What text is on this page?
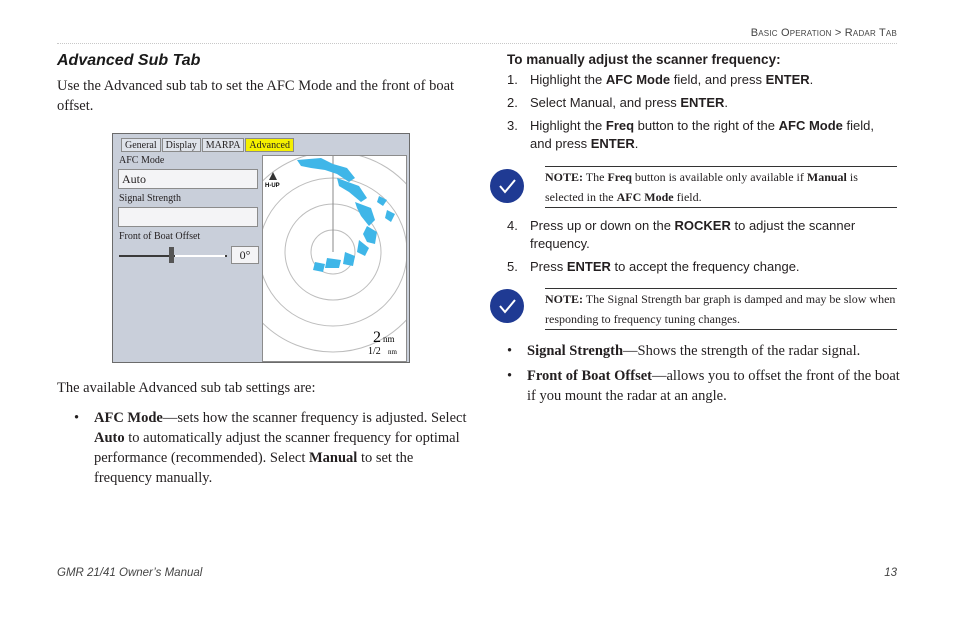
Basic Operation > Radar Tab
Advanced Sub Tab

Use the Advanced sub tab to set the AFC Mode and the front of boat offset.

General Display MARPA Advanced
AFC Mode
Auto
Signal Strength
Front of Boat Offset
0°
H-UP
2 nm
1/2 nm

The available Advanced sub tab settings are:

• AFC Mode—sets how the scanner frequency is adjusted. Select Auto to automatically adjust the scanner frequency for optimal performance (recommended). Select Manual to set the frequency manually.
To manually adjust the scanner frequency:
1. Highlight the AFC Mode field, and press ENTER.
2. Select Manual, and press ENTER.
3. Highlight the Freq button to the right of the AFC Mode field, and press ENTER.
NOTE: The Freq button is available only available if Manual is selected in the AFC Mode field.
4. Press up or down on the ROCKER to adjust the scanner frequency.
5. Press ENTER to accept the frequency change.
NOTE: The Signal Strength bar graph is damped and may be slow when responding to frequency tuning changes.
• Signal Strength—Shows the strength of the radar signal.
• Front of Boat Offset—allows you to offset the front of the boat if you mount the radar at an angle.
GMR 21/41 Owner’s Manual	13
